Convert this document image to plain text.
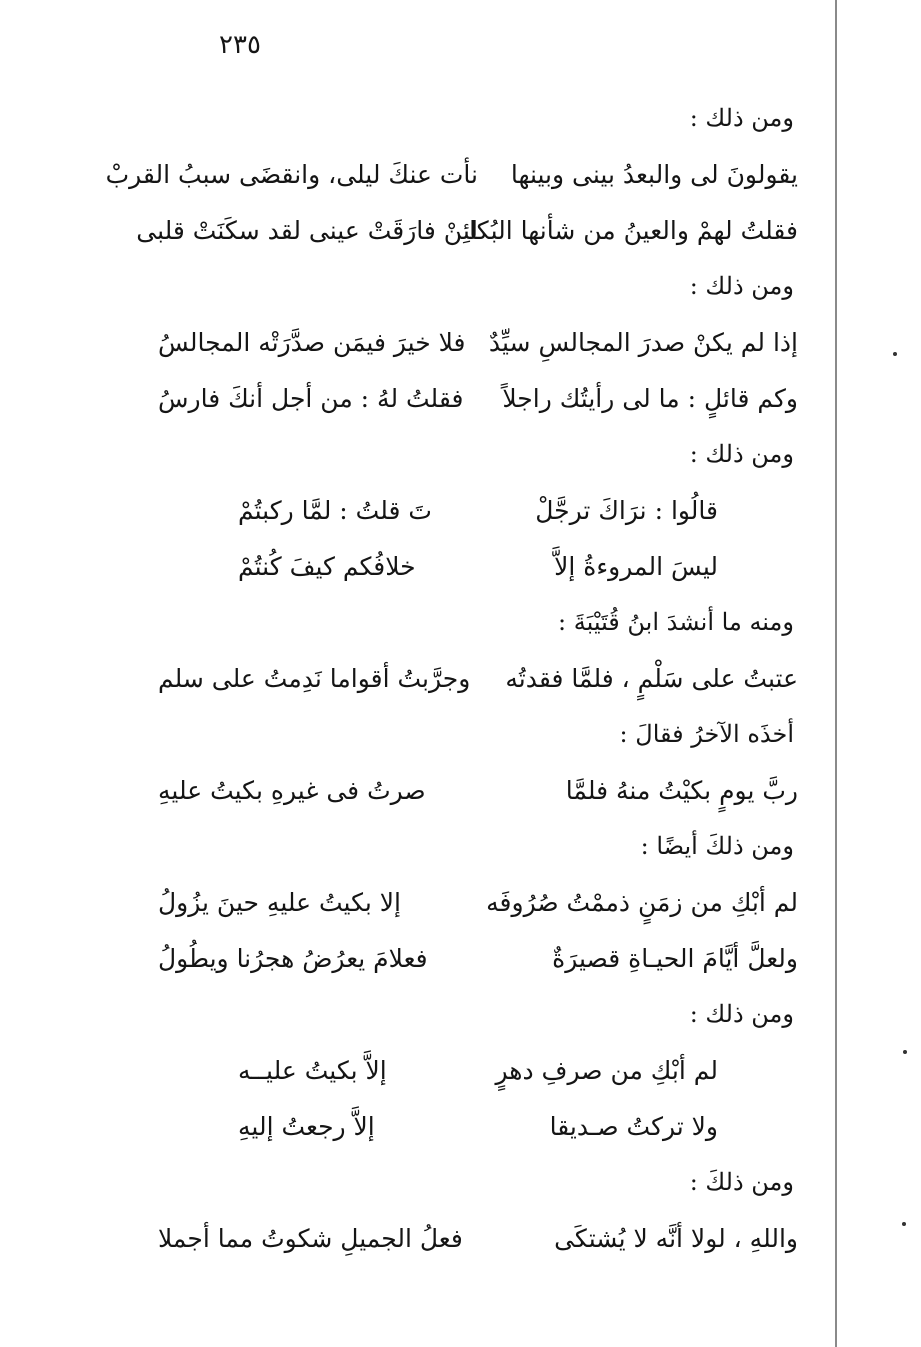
٢٣٥
ومن ذلك :
يقولونَ لى والبعدُ بينى وبينها
نأت عنكَ ليلى، وانقضَى سببُ القربْ
فقلتُ لهمْ والعينُ من شأنها البُكا
لئِنْ فارَقَتْ عينى لقد سكَنَتْ قلبى
ومن ذلك :
إذا لم يكنْ صدرَ المجالسِ سيِّدٌ
فلا خيرَ فيمَن صدَّرَتْه المجالسُ
وكم قائلٍ : ما لى رأيتُك راجلاً
فقلتُ لهُ : من أجل أنكَ فارسُ
ومن ذلك :
قالُوا : نرَاكَ ترجَّلْ
تَ قلتُ : لمَّا ركبتُمْ
ليسَ المروءةُ إلاَّ
خلافُكم كيفَ كُنتُمْ
ومنه ما أنشدَ ابنُ قُتَيْبَةَ :
عتبتُ على سَلْمٍ ، فلمَّا فقدتُه
وجرَّبتُ أقواما نَدِمتُ على سلم
أخذَه الآخرُ فقالَ :
ربَّ يومٍ بكيْتُ منهُ فلمَّا
صرتُ فى غيرهِ بكيتُ عليهِ
ومن ذلكَ أيضًا :
لم أبْكِ من زمَنٍ ذممْتُ صُرُوفَه
إلا بكيتُ عليهِ حينَ يزُولُ
ولعلَّ أيَّامَ الحيـاةِ قصيرَةٌ
فعلامَ يعرُضُ هجرُنا ويطُولُ
ومن ذلك :
لم أبْكِ من صرفِ دهرٍ
إلاَّ بكيتُ عليــه
ولا تركتُ صـديقا
إلاَّ رجعتُ إليهِ
ومن ذلكَ :
واللهِ ، لولا أنَّه لا يُشتكَى
فعلُ الجميلِ شكوتُ مما أجملا
